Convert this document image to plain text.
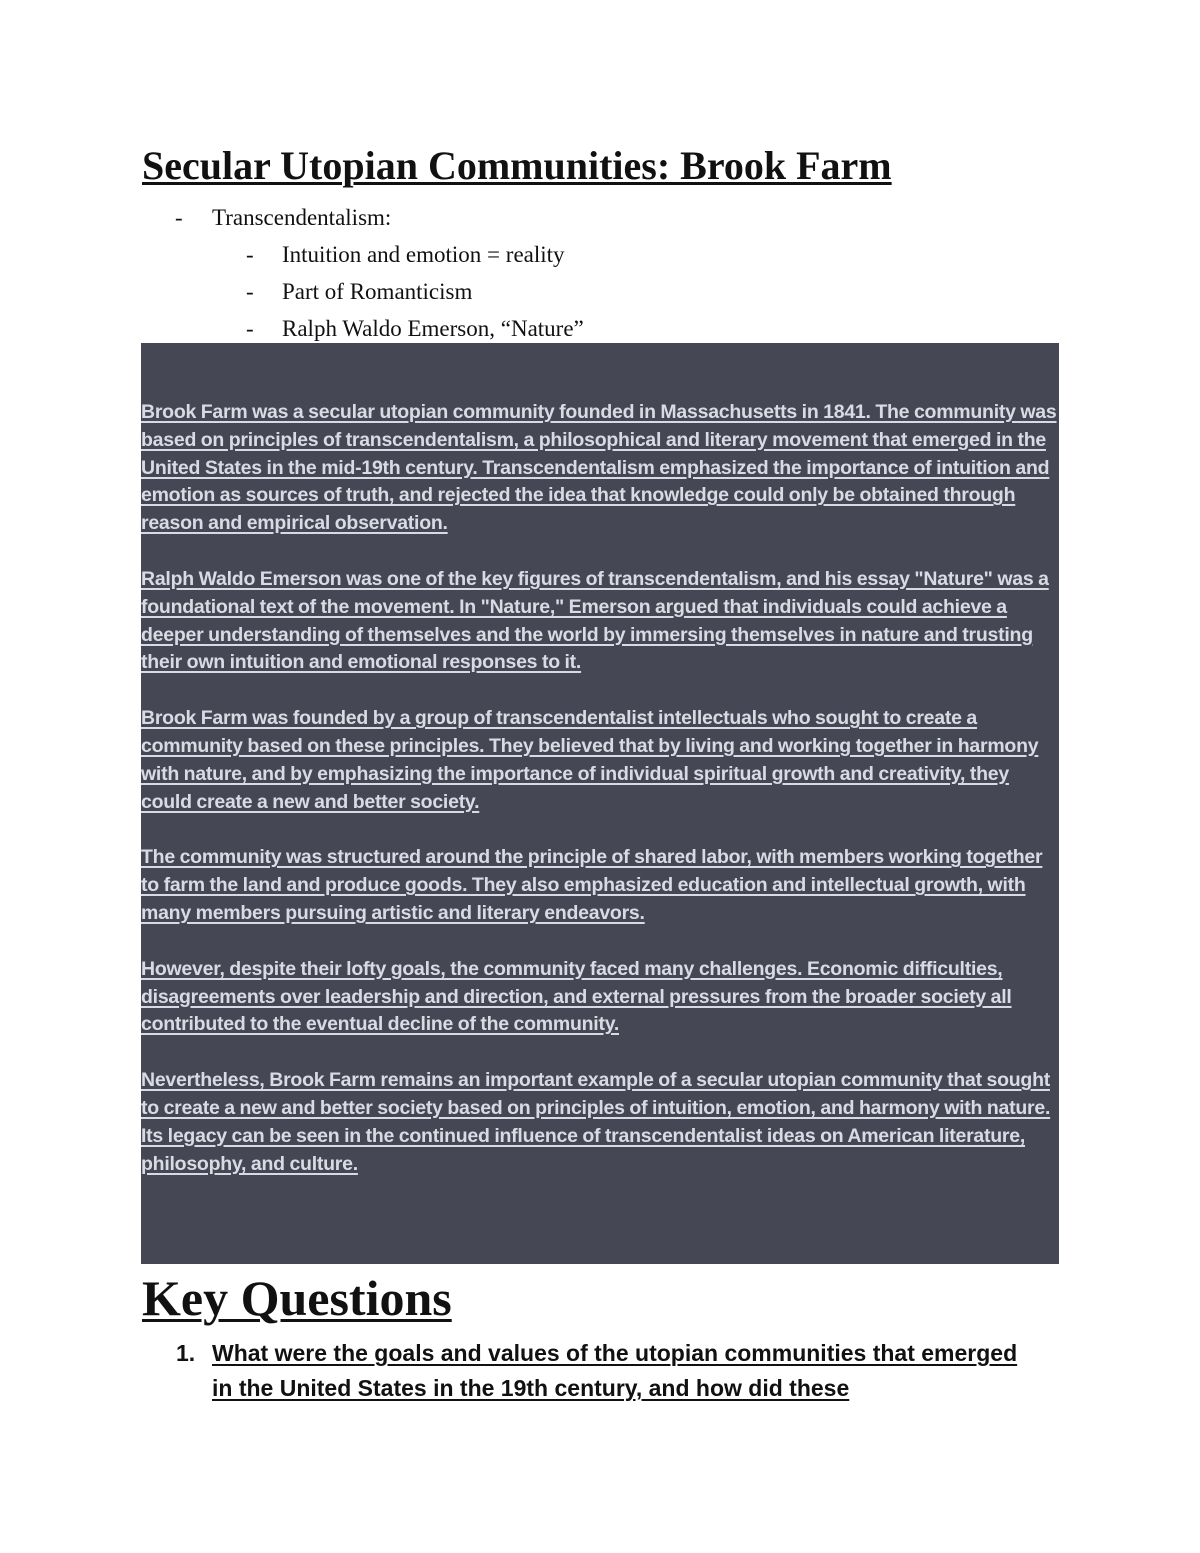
Secular Utopian Communities: Brook Farm
- Transcendentalism:
- Intuition and emotion = reality
- Part of Romanticism
- Ralph Waldo Emerson, “Nature”

Brook Farm was a secular utopian community founded in Massachusetts in 1841. The community was based on principles of transcendentalism, a philosophical and literary movement that emerged in the United States in the mid-19th century. Transcendentalism emphasized the importance of intuition and emotion as sources of truth, and rejected the idea that knowledge could only be obtained through reason and empirical observation.

Ralph Waldo Emerson was one of the key figures of transcendentalism, and his essay "Nature" was a foundational text of the movement. In "Nature," Emerson argued that individuals could achieve a deeper understanding of themselves and the world by immersing themselves in nature and trusting their own intuition and emotional responses to it.

Brook Farm was founded by a group of transcendentalist intellectuals who sought to create a community based on these principles. They believed that by living and working together in harmony with nature, and by emphasizing the importance of individual spiritual growth and creativity, they could create a new and better society.

The community was structured around the principle of shared labor, with members working together to farm the land and produce goods. They also emphasized education and intellectual growth, with many members pursuing artistic and literary endeavors.

However, despite their lofty goals, the community faced many challenges. Economic difficulties, disagreements over leadership and direction, and external pressures from the broader society all contributed to the eventual decline of the community.

Nevertheless, Brook Farm remains an important example of a secular utopian community that sought to create a new and better society based on principles of intuition, emotion, and harmony with nature. Its legacy can be seen in the continued influence of transcendentalist ideas on American literature, philosophy, and culture.

Key Questions
1. What were the goals and values of the utopian communities that emerged in the United States in the 19th century, and how did these
